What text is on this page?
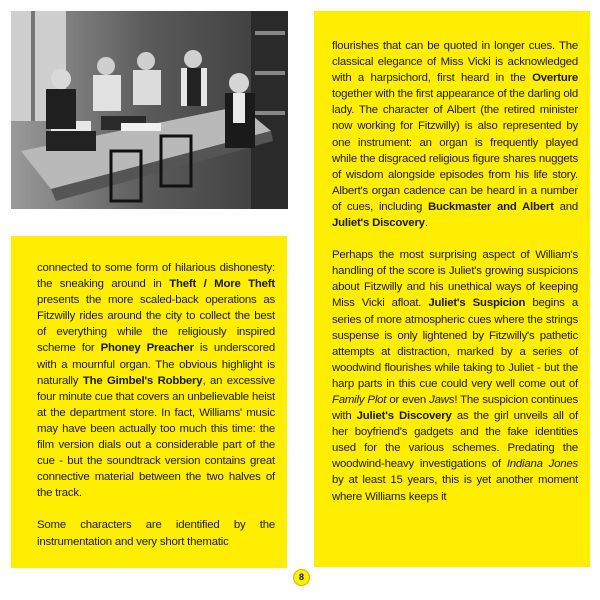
connected to some form of hilarious dishonesty: the sneaking around in Theft / More Theft presents the more scaled-back operations as Fitzwilly rides around the city to collect the best of everything while the religiously inspired scheme for Phoney Preacher is underscored with a mournful organ. The obvious highlight is naturally The Gimbel's Robbery, an excessive four minute cue that covers an unbelievable heist at the department store. In fact, Williams' music may have been actually too much this time: the film version dials out a considerable part of the cue - but the soundtrack version contains great connective material between the two halves of the track.

Some characters are identified by the instrumentation and very short thematic

flourishes that can be quoted in longer cues. The classical elegance of Miss Vicki is acknowledged with a harpsichord, first heard in the Overture together with the first appearance of the darling old lady. The character of Albert (the retired minister now working for Fitzwilly) is also represented by one instrument: an organ is frequently played while the disgraced religious figure shares nuggets of wisdom alongside episodes from his life story. Albert's organ cadence can be heard in a number of cues, including Buckmaster and Albert and Juliet's Discovery.

Perhaps the most surprising aspect of William's handling of the score is Juliet's growing suspicions about Fitzwilly and his unethical ways of keeping Miss Vicki afloat. Juliet's Suspicion begins a series of more atmospheric cues where the strings suspense is only lightened by Fitzwilly's pathetic attempts at distraction, marked by a series of woodwind flourishes while taking to Juliet - but the harp parts in this cue could very well come out of Family Plot or even Jaws! The suspicion continues with Juliet's Discovery as the girl unveils all of her boyfriend's gadgets and the fake identities used for the various schemes. Predating the woodwind-heavy investigations of Indiana Jones by at least 15 years, this is yet another moment where Williams keeps it

8
